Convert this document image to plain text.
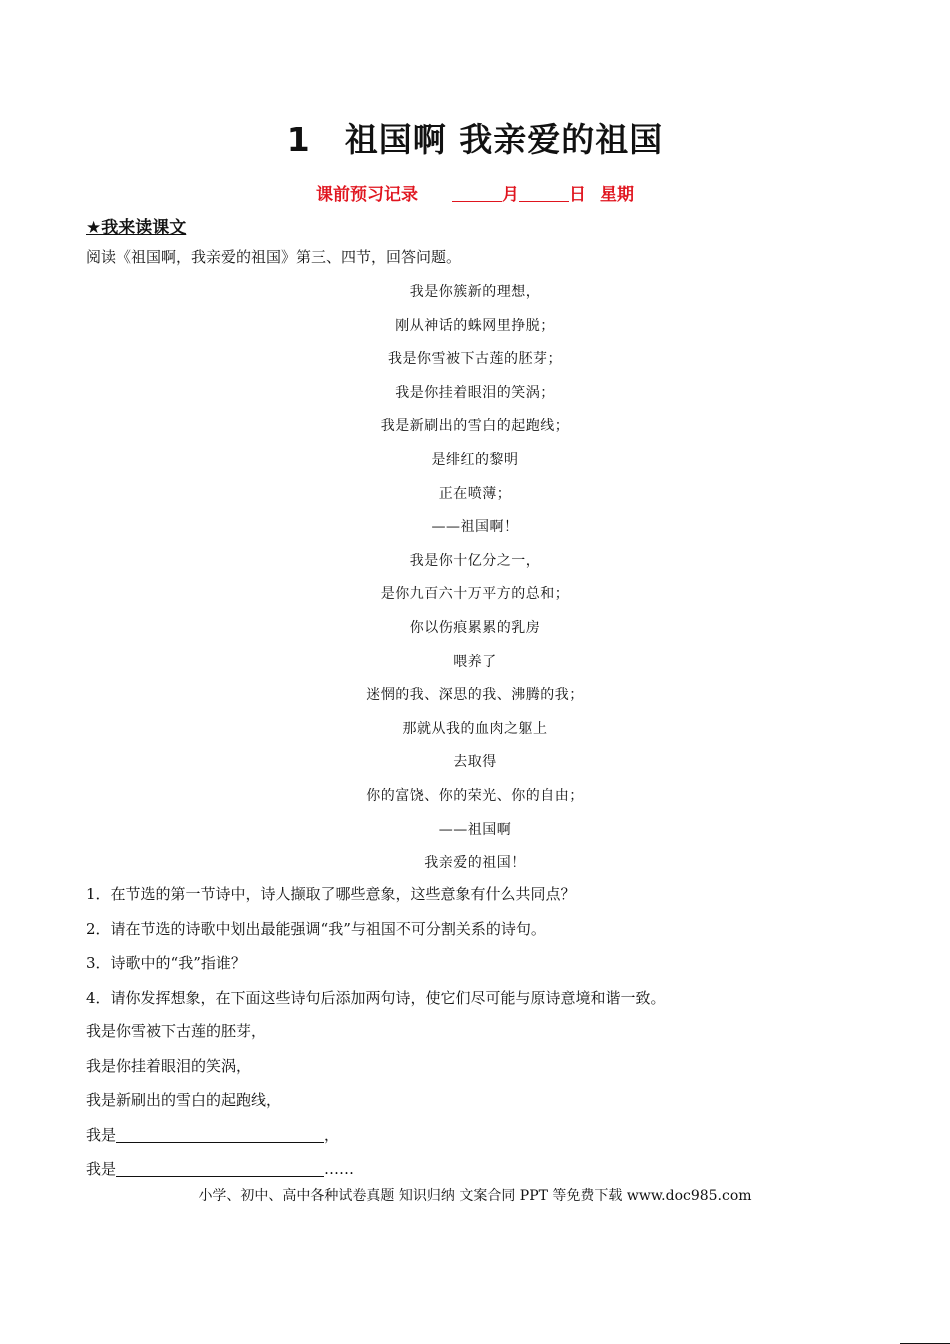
1 祖国啊 我亲爱的祖国
课前预习记录	月	日 星期
★我来读课文
阅读《祖国啊，我亲爱的祖国》第三、四节，回答问题。
我是你簇新的理想，
刚从神话的蛛网里挣脱；
我是你雪被下古莲的胚芽；
我是你挂着眼泪的笑涡；
我是新刷出的雪白的起跑线；
是绯红的黎明
正在喷薄；
——祖国啊！
我是你十亿分之一，
是你九百六十万平方的总和；
你以伤痕累累的乳房
喂养了
迷惘的我、深思的我、沸腾的我；
那就从我的血肉之躯上
去取得
你的富饶、你的荣光、你的自由；
——祖国啊
我亲爱的祖国！
1．在节选的第一节诗中，诗人撷取了哪些意象，这些意象有什么共同点？
2．请在节选的诗歌中划出最能强调“我”与祖国不可分割关系的诗句。
3．诗歌中的“我”指谁？
4．请你发挥想象，在下面这些诗句后添加两句诗，使它们尽可能与原诗意境和谐一致。
我是你雪被下古莲的胚芽，
我是你挂着眼泪的笑涡，
我是新刷出的雪白的起跑线，
我是	，
我是	……
小学、初中、高中各种试卷真题 知识归纳 文案合同 PPT 等免费下载 www.doc985.com
